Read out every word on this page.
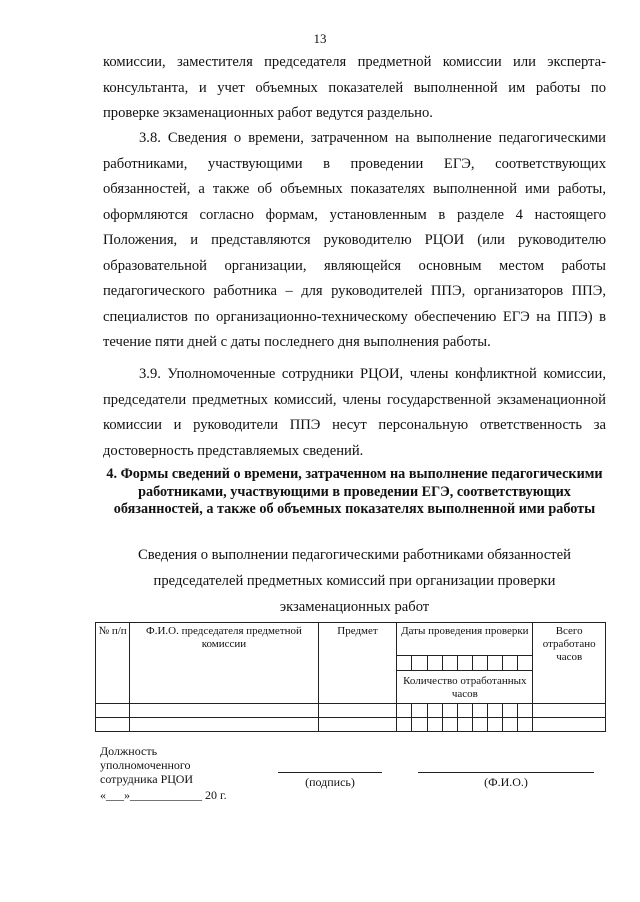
13
комиссии, заместителя председателя предметной комиссии или эксперта-консультанта, и учет объемных показателей выполненной им работы по проверке экзаменационных работ ведутся раздельно.
3.8. Сведения о времени, затраченном на выполнение педагогическими работниками, участвующими в проведении ЕГЭ, соответствующих обязанностей, а также об объемных показателях выполненной ими работы, оформляются согласно формам, установленным в разделе 4 настоящего Положения, и представляются руководителю РЦОИ (или руководителю образовательной организации, являющейся основным местом работы педагогического работника – для руководителей ППЭ, организаторов ППЭ, специалистов по организационно-техническому обеспечению ЕГЭ на ППЭ) в течение пяти дней с даты последнего дня выполнения работы.
3.9. Уполномоченные сотрудники РЦОИ, члены конфликтной комиссии, председатели предметных комиссий, члены государственной экзаменационной комиссии и руководители ППЭ несут персональную ответственность за достоверность представляемых сведений.
4. Формы сведений о времени, затраченном на выполнение педагогическими работниками, участвующими в проведении ЕГЭ, соответствующих обязанностей, а также об объемных показателях выполненной ими работы
Сведения о выполнении педагогическими работниками обязанностей председателей предметных комиссий при организации проверки экзаменационных работ
№ п/п	Ф.И.О. председателя предметной комиссии	Предмет	Даты проведения проверки									Всего отработано часов

			Количество отработанных часов									

Должность уполномоченного сотрудника РЦОИ
«___»____________ 20 г.
(подпись)	(Ф.И.О.)
